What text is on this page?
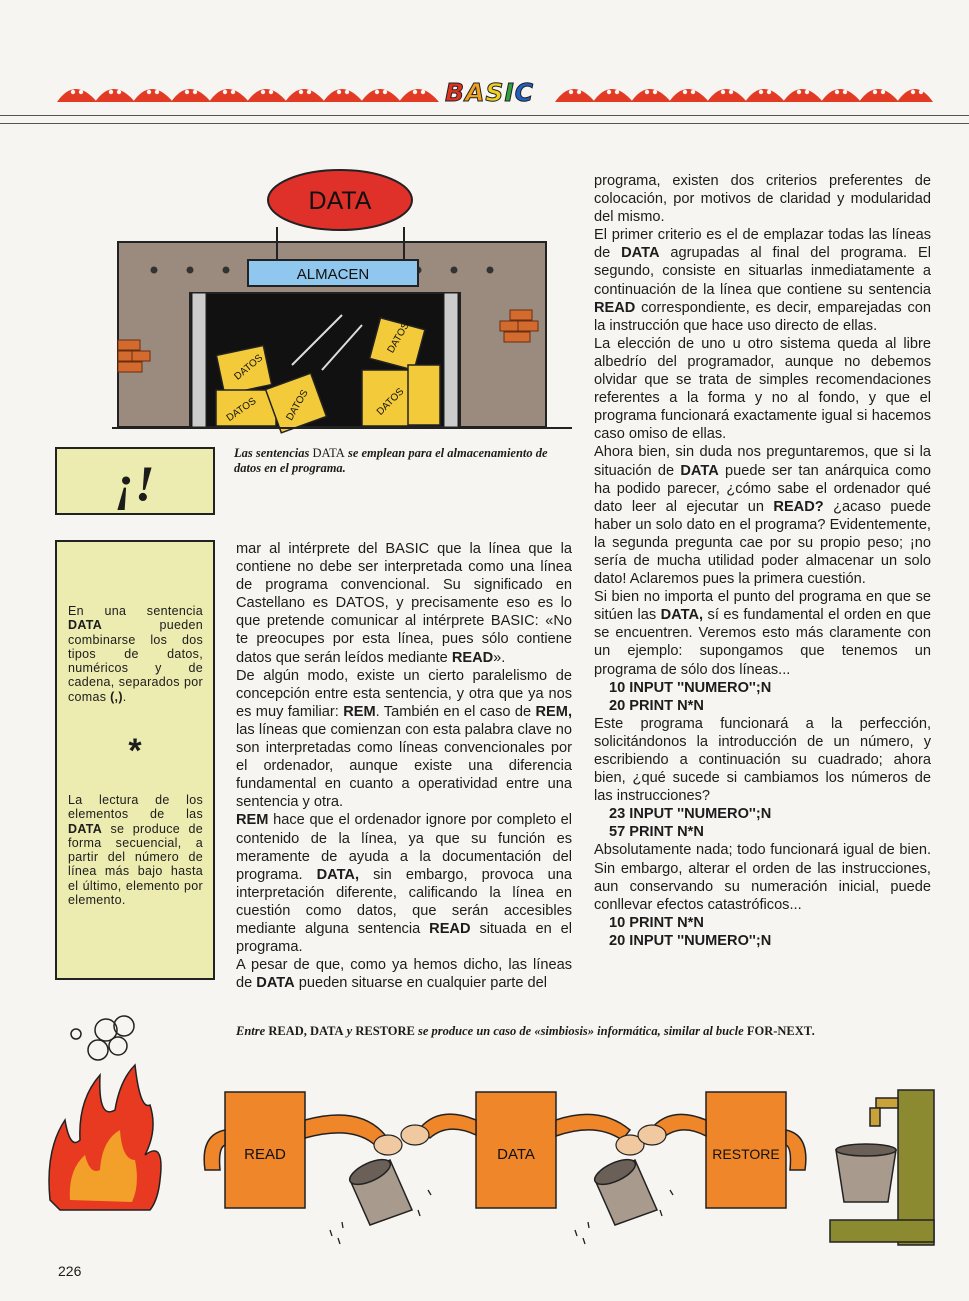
BASIC
DATA
ALMACEN
DATOS
DATOS	DATOS	DATOS
DATOS
Las sentencias DATA se emplean para el almacenamiento de datos en el programa.
¡!
En una sentencia DATA pueden combinarse los dos tipos de datos, numéricos y de cadena, separados por comas (,).
*
La lectura de los elementos de las DATA se produce de forma secuencial, a partir del número de línea más bajo hasta el último, elemento por elemento.

mar al intérprete del BASIC que la línea que la contiene no debe ser interpretada como una línea de programa convencional. Su significado en Castellano es DATOS, y precisamente eso es lo que pretende comunicar al intérprete BASIC: «No te preocupes por esta línea, pues sólo contiene datos que serán leídos mediante READ».

De algún modo, existe un cierto paralelismo de concepción entre esta sentencia, y otra que ya nos es muy familiar: REM. También en el caso de REM, las líneas que comienzan con esta palabra clave no son interpretadas como líneas convencionales por el ordenador, aunque existe una diferencia fundamental en cuanto a operatividad entre una sentencia y otra.

REM hace que el ordenador ignore por completo el contenido de la línea, ya que su función es meramente de ayuda a la documentación del programa. DATA, sin embargo, provoca una interpretación diferente, calificando la línea en cuestión como datos, que serán accesibles mediante alguna sentencia READ situada en el programa.

A pesar de que, como ya hemos dicho, las líneas de DATA pueden situarse en cualquier parte del

programa, existen dos criterios preferentes de colocación, por motivos de claridad y modularidad del mismo.

El primer criterio es el de emplazar todas las líneas de DATA agrupadas al final del programa. El segundo, consiste en situarlas inmediatamente a continuación de la línea que contiene su sentencia READ correspondiente, es decir, emparejadas con la instrucción que hace uso directo de ellas.

La elección de uno u otro sistema queda al libre albedrío del programador, aunque no debemos olvidar que se trata de simples recomendaciones referentes a la forma y no al fondo, y que el programa funcionará exactamente igual si hacemos caso omiso de ellas.

Ahora bien, sin duda nos preguntaremos, que si la situación de DATA puede ser tan anárquica como ha podido parecer, ¿cómo sabe el ordenador qué dato leer al ejecutar un READ? ¿acaso puede haber un solo dato en el programa? Evidentemente, la segunda pregunta cae por su propio peso; ¡no sería de mucha utilidad poder almacenar un solo dato! Aclaremos pues la primera cuestión.

Si bien no importa el punto del programa en que se sitúen las DATA, sí es fundamental el orden en que se encuentren. Veremos esto más claramente con un ejemplo: supongamos que tenemos un programa de sólo dos líneas...

10 INPUT ''NUMERO'';N

20 PRINT N*N

Este programa funcionará a la perfección, solicitándonos la introducción de un número, y escribiendo a continuación su cuadrado; ahora bien, ¿qué sucede si cambiamos los números de las instrucciones?

23 INPUT ''NUMERO'';N

57 PRINT N*N

Absolutamente nada; todo funcionará igual de bien. Sin embargo, alterar el orden de las instrucciones, aun conservando su numeración inicial, puede conllevar efectos catastróficos...

10 PRINT N*N

20 INPUT ''NUMERO'';N

Entre READ, DATA y RESTORE se produce un caso de «simbiosis» informática, similar al bucle FOR-NEXT.
READ	DATA	RESTORE
226
